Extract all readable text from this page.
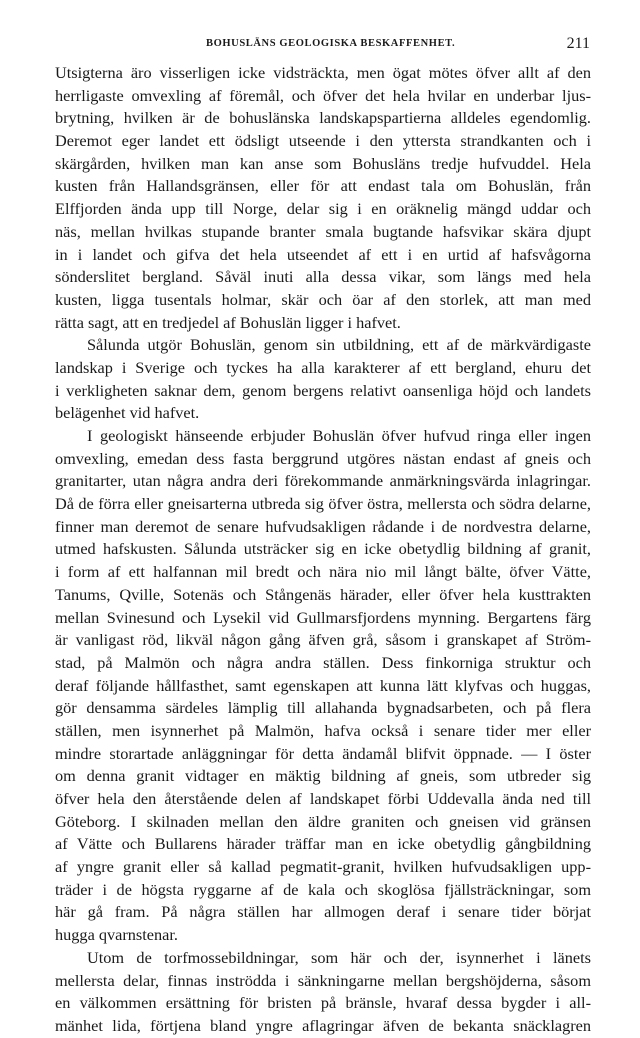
BOHUSLÄNS GEOLOGISKA BESKAFFENHET.	211
Utsigterna äro visserligen icke vidsträckta, men ögat mötes öfver allt af den
herrligaste omvexling af föremål, och öfver det hela hvilar en underbar ljus-
brytning, hvilken är de bohuslänska landskapspartierna alldeles egendomlig.
Deremot eger landet ett ödsligt utseende i den yttersta strandkanten och i
skärgården, hvilken man kan anse som Bohusläns tredje hufvuddel. Hela
kusten från Hallandsgränsen, eller för att endast tala om Bohuslän, från
Elffjorden ända upp till Norge, delar sig i en oräknelig mängd uddar och
näs, mellan hvilkas stupande branter smala bugtande hafsvikar skära djupt
in i landet och gifva det hela utseendet af ett i en urtid af hafsvågorna
sönderslitet bergland. Såväl inuti alla dessa vikar, som längs med hela
kusten, ligga tusentals holmar, skär och öar af den storlek, att man med
rätta sagt, att en tredjedel af Bohuslän ligger i hafvet.
Sålunda utgör Bohuslän, genom sin utbildning, ett af de märkvärdigaste
landskap i Sverige och tyckes ha alla karakterer af ett bergland, ehuru det
i verkligheten saknar dem, genom bergens relativt oansenliga höjd och landets
belägenhet vid hafvet.
I geologiskt hänseende erbjuder Bohuslän öfver hufvud ringa eller ingen
omvexling, emedan dess fasta berggrund utgöres nästan endast af gneis och
granitarter, utan några andra deri förekommande anmärkningsvärda inlagringar.
Då de förra eller gneisarterna utbreda sig öfver östra, mellersta och södra delarne,
finner man deremot de senare hufvudsakligen rådande i de nordvestra delarne,
utmed hafskusten. Sålunda utsträcker sig en icke obetydlig bildning af granit,
i form af ett halfannan mil bredt och nära nio mil långt bälte, öfver Vätte,
Tanums, Qville, Sotenäs och Stångenäs härader, eller öfver hela kusttrakten
mellan Svinesund och Lysekil vid Gullmarsfjordens mynning. Bergartens färg
är vanligast röd, likväl någon gång äfven grå, såsom i granskapet af Ström-
stad, på Malmön och några andra ställen. Dess finkorniga struktur och
deraf följande hållfasthet, samt egenskapen att kunna lätt klyfvas och huggas,
gör densamma särdeles lämplig till allahanda bygnadsarbeten, och på flera
ställen, men isynnerhet på Malmön, hafva också i senare tider mer eller
mindre storartade anläggningar för detta ändamål blifvit öppnade. — I öster
om denna granit vidtager en mäktig bildning af gneis, som utbreder sig
öfver hela den återstående delen af landskapet förbi Uddevalla ända ned till
Göteborg. I skilnaden mellan den äldre graniten och gneisen vid gränsen
af Vätte och Bullarens härader träffar man en icke obetydlig gångbildning
af yngre granit eller så kallad pegmatit-granit, hvilken hufvudsakligen upp-
träder i de högsta ryggarne af de kala och skoglösa fjällsträckningar, som
här gå fram. På några ställen har allmogen deraf i senare tider börjat
hugga qvarnstenar.
Utom de torfmossebildningar, som här och der, isynnerhet i länets
mellersta delar, finnas inströdda i sänkningarne mellan bergshöjderna, såsom
en välkommen ersättning för bristen på bränsle, hvaraf dessa bygder i all-
mänhet lida, förtjena bland yngre aflagringar äfven de bekanta snäcklagren
